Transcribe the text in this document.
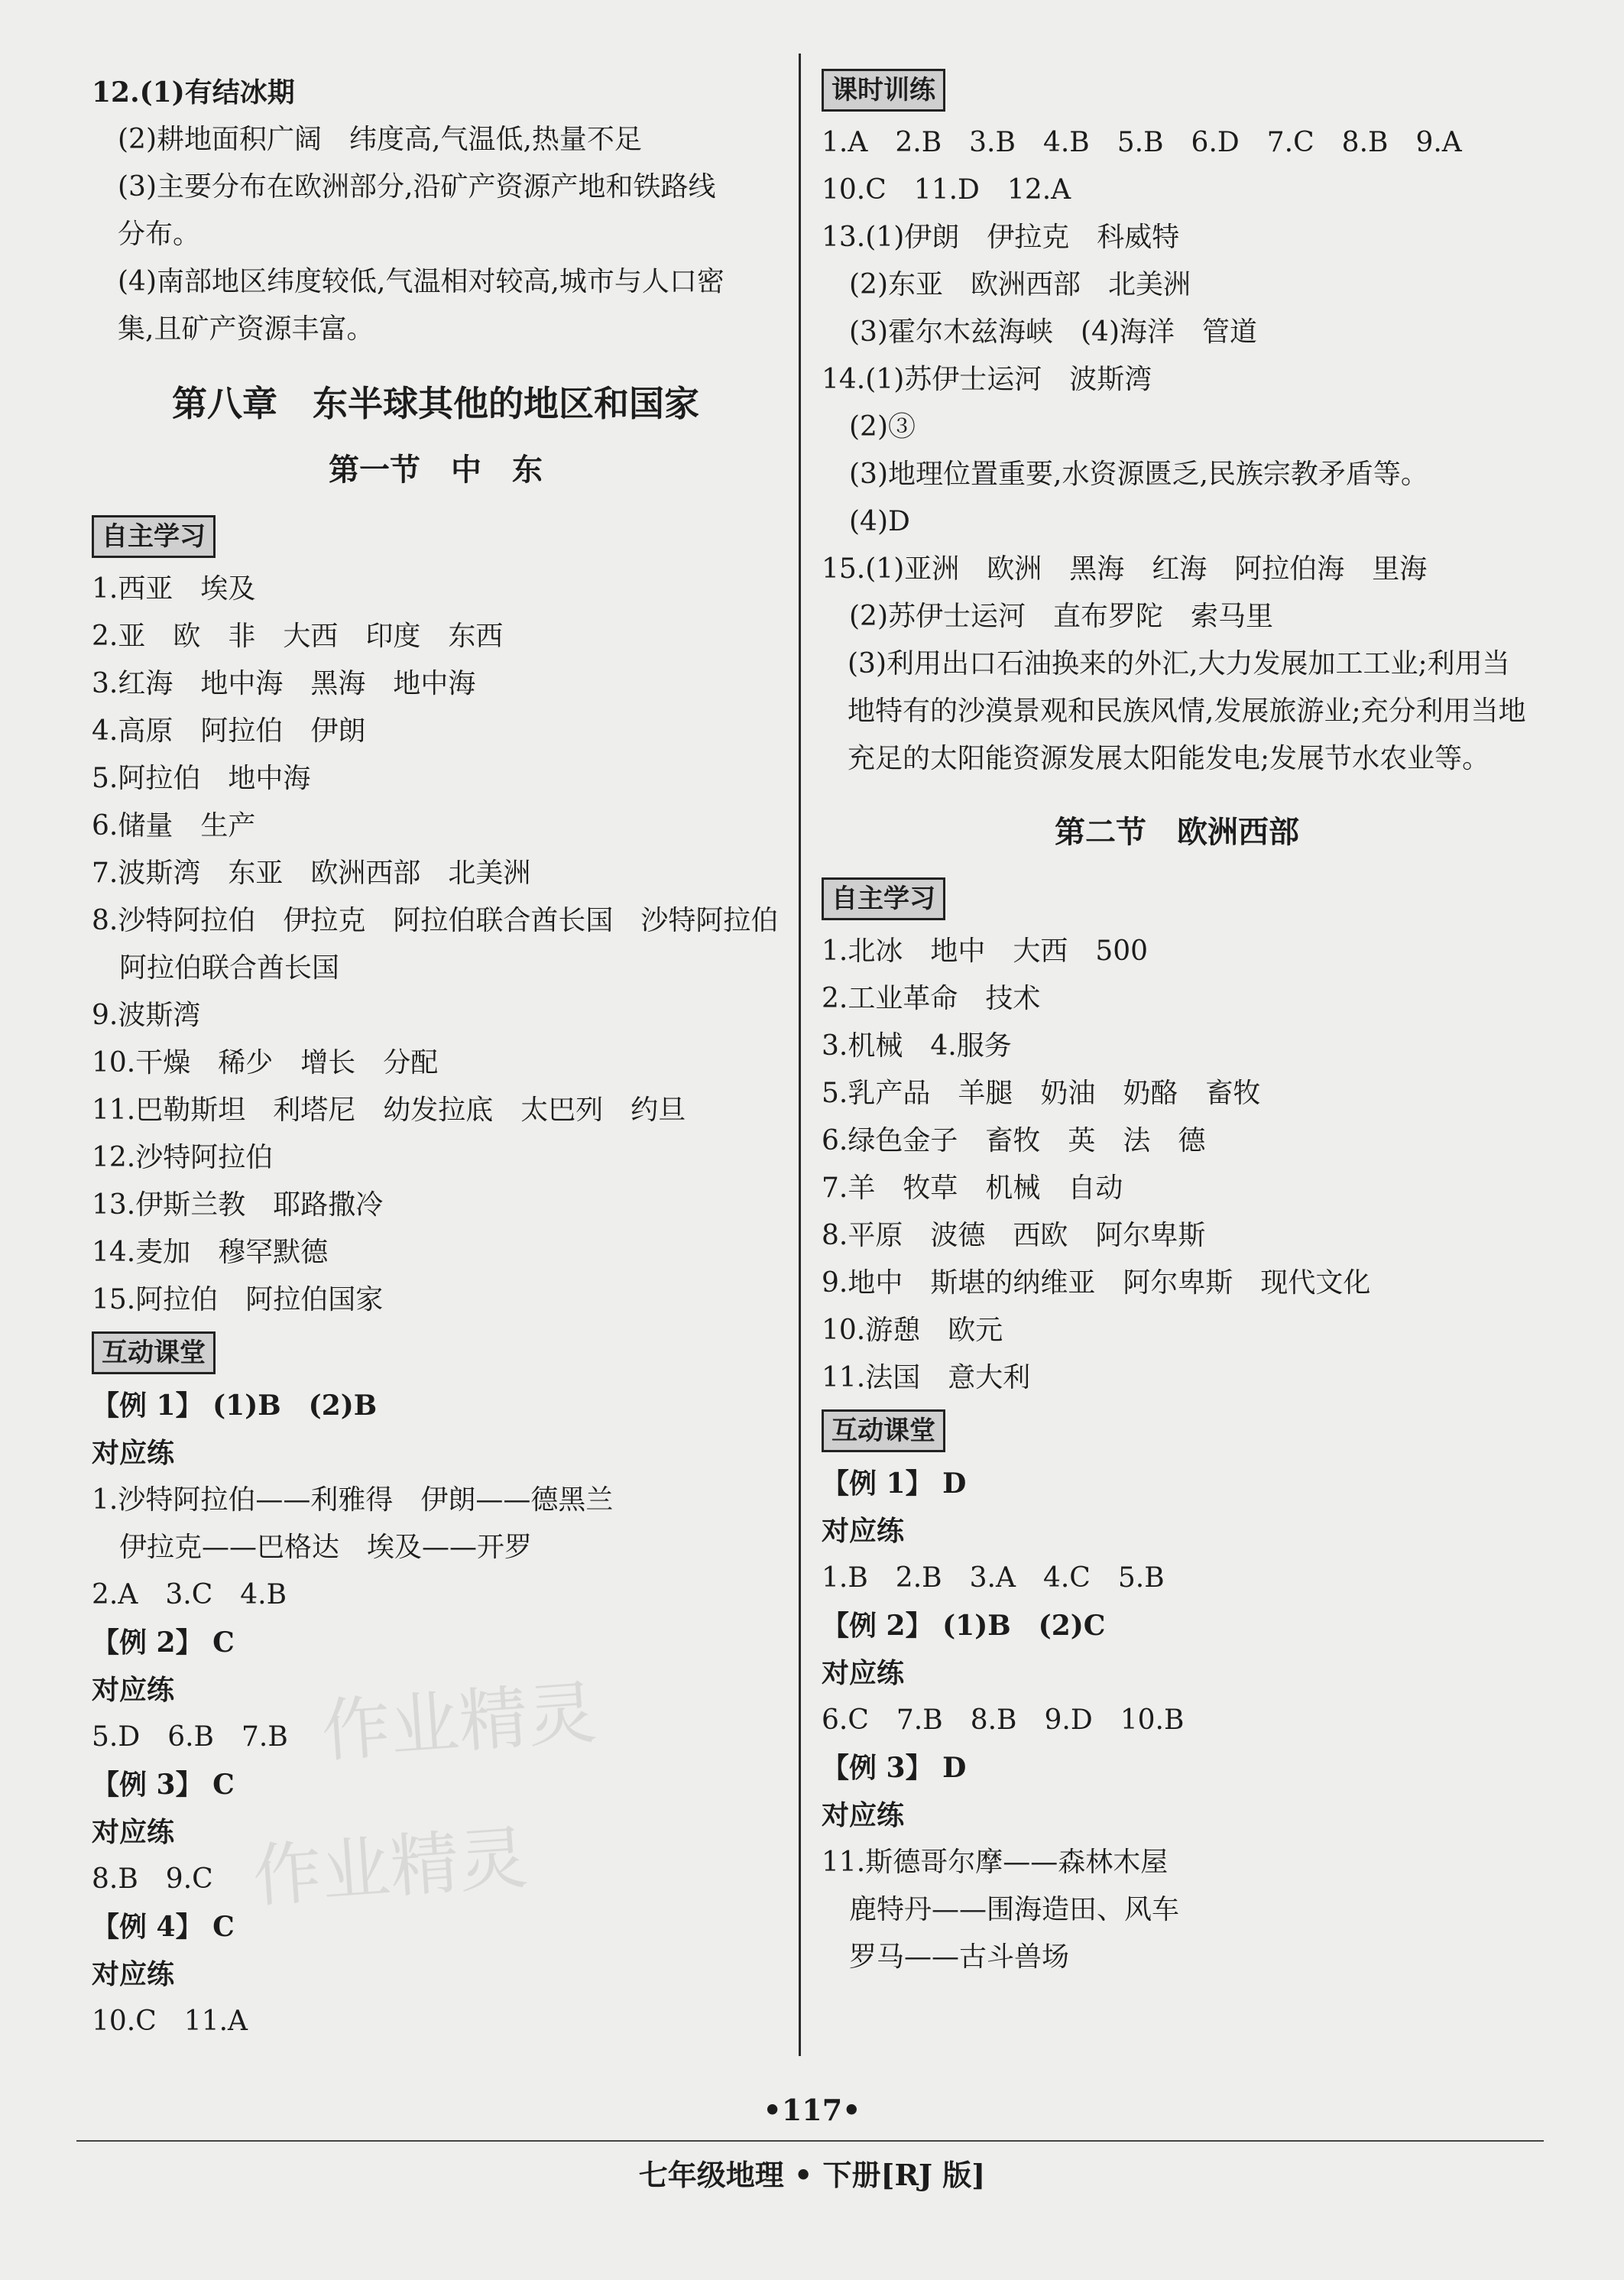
12.(1)有结冰期
(2)耕地面积广阔　纬度高,气温低,热量不足
(3)主要分布在欧洲部分,沿矿产资源产地和铁路线
分布。
(4)南部地区纬度较低,气温相对较高,城市与人口密
集,且矿产资源丰富。
第八章　东半球其他的地区和国家
第一节　中　东
自主学习
1.西亚　埃及
2.亚　欧　非　大西　印度　东西
3.红海　地中海　黑海　地中海
4.高原　阿拉伯　伊朗
5.阿拉伯　地中海
6.储量　生产
7.波斯湾　东亚　欧洲西部　北美洲
8.沙特阿拉伯　伊拉克　阿拉伯联合酋长国　沙特阿拉伯
　阿拉伯联合酋长国
9.波斯湾
10.干燥　稀少　增长　分配
11.巴勒斯坦　利塔尼　幼发拉底　太巴列　约旦
12.沙特阿拉伯
13.伊斯兰教　耶路撒冷
14.麦加　穆罕默德
15.阿拉伯　阿拉伯国家
互动课堂
【例 1】 (1)B　(2)B
对应练
1.沙特阿拉伯——利雅得　伊朗——德黑兰
　伊拉克——巴格达　埃及——开罗
2.A　3.C　4.B
【例 2】 C
对应练
5.D　6.B　7.B
【例 3】 C
对应练
8.B　9.C
【例 4】 C
对应练
10.C　11.A
课时训练
1.A　2.B　3.B　4.B　5.B　6.D　7.C　8.B　9.A
10.C　11.D　12.A
13.(1)伊朗　伊拉克　科威特
　(2)东亚　欧洲西部　北美洲
　(3)霍尔木兹海峡　(4)海洋　管道
14.(1)苏伊士运河　波斯湾
　(2)③
　(3)地理位置重要,水资源匮乏,民族宗教矛盾等。
　(4)D
15.(1)亚洲　欧洲　黑海　红海　阿拉伯海　里海
　(2)苏伊士运河　直布罗陀　索马里
(3)利用出口石油换来的外汇,大力发展加工工业;利用当地特有的沙漠景观和民族风情,发展旅游业;充分利用当地充足的太阳能资源发展太阳能发电;发展节水农业等。
第二节　欧洲西部
自主学习
1.北冰　地中　大西　500
2.工业革命　技术
3.机械　4.服务
5.乳产品　羊腿　奶油　奶酪　畜牧
6.绿色金子　畜牧　英　法　德
7.羊　牧草　机械　自动
8.平原　波德　西欧　阿尔卑斯
9.地中　斯堪的纳维亚　阿尔卑斯　现代文化
10.游憩　欧元
11.法国　意大利
互动课堂
【例 1】 D
对应练
1.B　2.B　3.A　4.C　5.B
【例 2】 (1)B　(2)C
对应练
6.C　7.B　8.B　9.D　10.B
【例 3】 D
对应练
11.斯德哥尔摩——森林木屋
　鹿特丹——围海造田、风车
　罗马——古斗兽场
作业精灵
作业精灵
•117•
七年级地理 • 下册[RJ 版]
